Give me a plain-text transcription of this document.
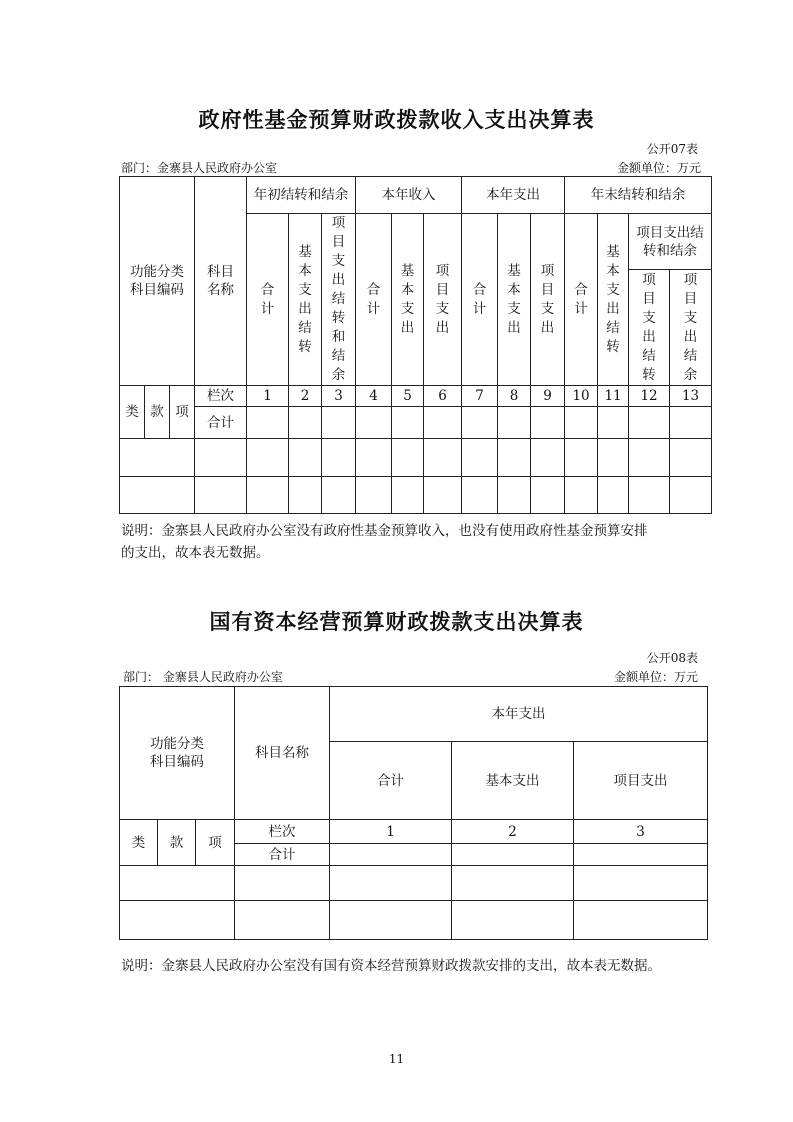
政府性基金预算财政拨款收入支出决算表
公开07表
部门：金寨县人民政府办公室	金额单位：万元
功能分类科目编码			科目名称	年初结转和结余			本年收入			本年支出			年末结转和结余			
				合计	基本支出结转	项目支出结转和结余	合计	基本支出	项目支出	合计	基本支出	项目支出	合计	基本支出结转	项目支出结转和结余	
															项目支出结转	项目支出结余
类	款	项	栏次	1	2	3	4	5	6	7	8	9	10	11	12	13
			合计													

说明：金寨县人民政府办公室没有政府性基金预算收入，也没有使用政府性基金预算安排
的支出，故本表无数据。
国有资本经营预算财政拨款支出决算表
公开08表
部门： 金寨县人民政府办公室	金额单位：万元
功能分类
科目编码			科目名称	本年支出		
				合计	基本支出	项目支出
类	款	项	栏次	1	2	3
			合计			

说明：金寨县人民政府办公室没有国有资本经营预算财政拨款安排的支出，故本表无数据。
11
